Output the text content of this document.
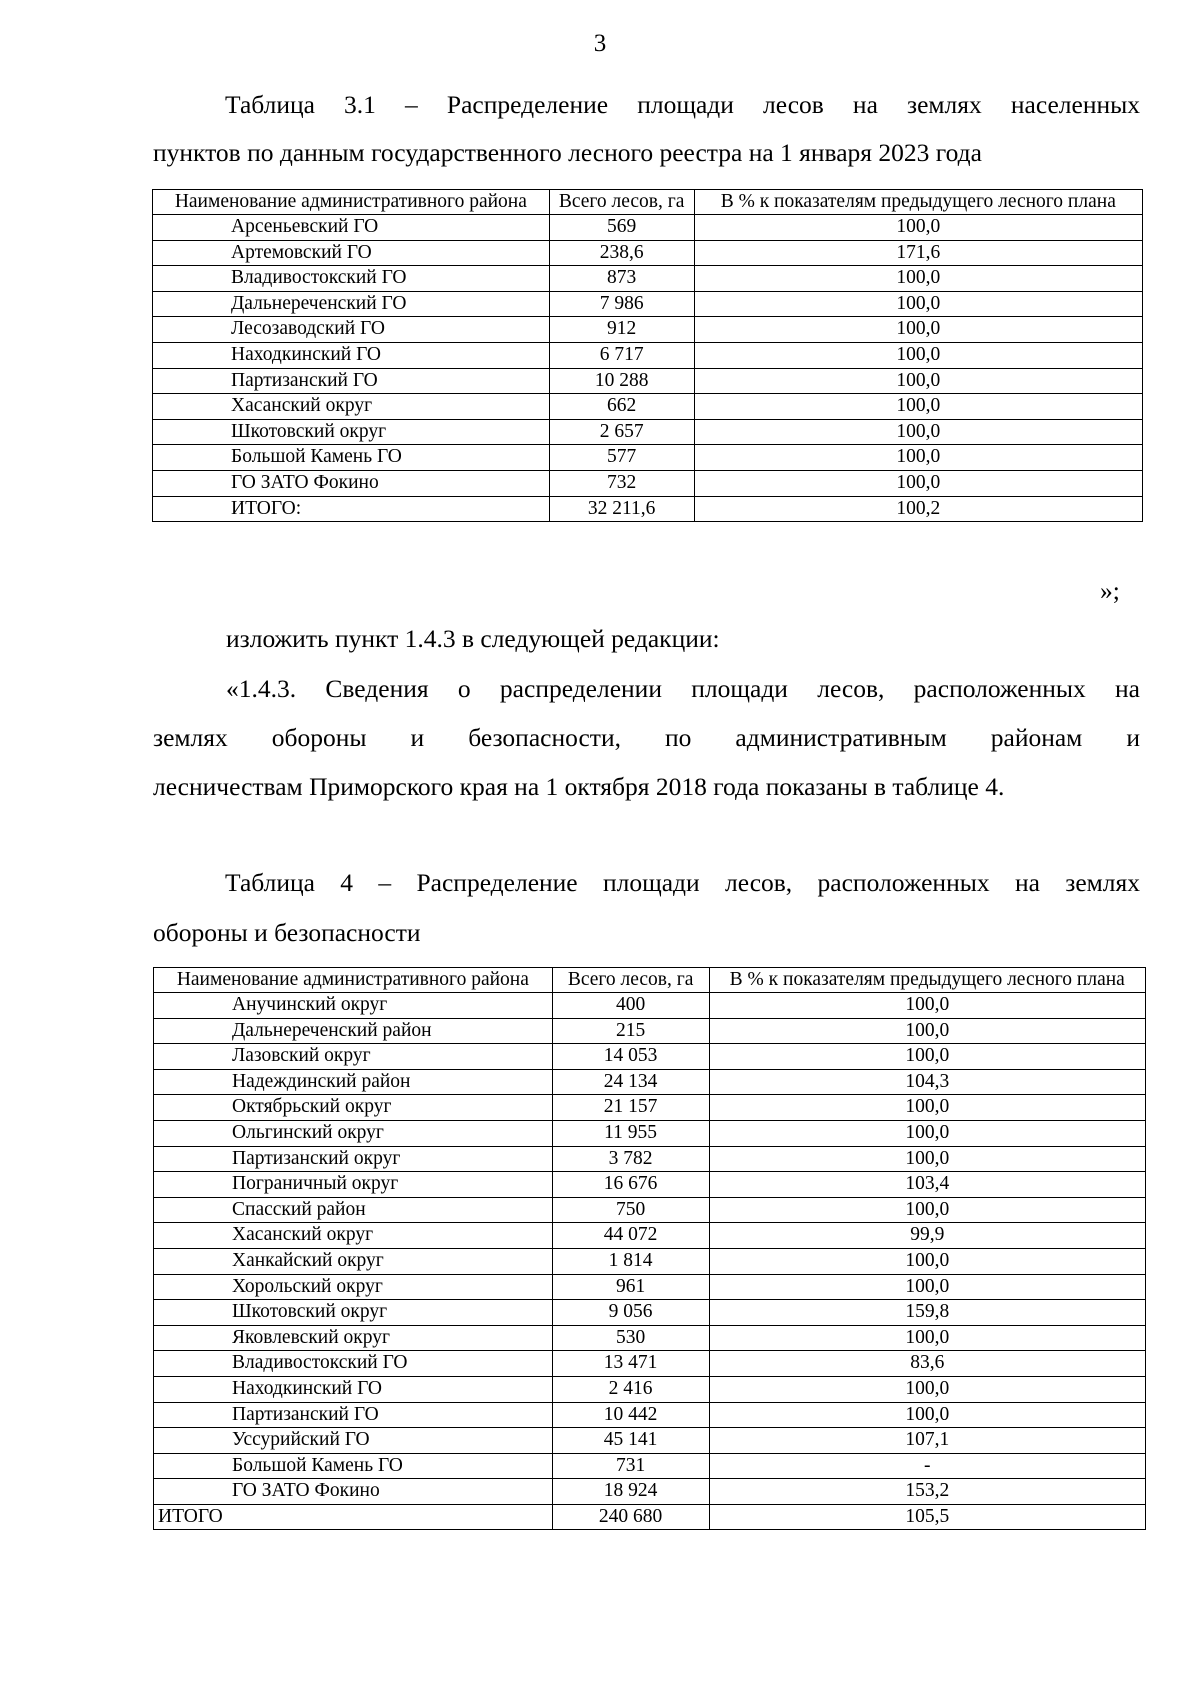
3
Таблица 3.1 – Распределение площади лесов на землях населенных
пунктов по данным государственного лесного реестра на 1 января 2023 года
Наименование административного района	Всего лесов, га	В % к показателям предыдущего лесного плана
Арсеньевский ГО	569	100,0
Артемовский ГО	238,6	171,6
Владивостокский ГО	873	100,0
Дальнереченский ГО	7 986	100,0
Лесозаводский ГО	912	100,0
Находкинский ГО	6 717	100,0
Партизанский ГО	10 288	100,0
Хасанский округ	662	100,0
Шкотовский округ	2 657	100,0
Большой Камень ГО	577	100,0
ГО ЗАТО Фокино	732	100,0
ИТОГО:	32 211,6	100,2
»;
изложить пункт 1.4.3 в следующей редакции:
«1.4.3. Сведения о распределении площади лесов, расположенных на
землях обороны и безопасности, по административным районам и
лесничествам Приморского края на 1 октября 2018 года показаны в таблице 4.
Таблица 4 – Распределение площади лесов, расположенных на землях
обороны и безопасности
Наименование административного района	Всего лесов, га	В % к показателям предыдущего лесного плана
Анучинский округ	400	100,0
Дальнереченский район	215	100,0
Лазовский округ	14 053	100,0
Надеждинский район	24 134	104,3
Октябрьский округ	21 157	100,0
Ольгинский округ	11 955	100,0
Партизанский округ	3 782	100,0
Пограничный округ	16 676	103,4
Спасский район	750	100,0
Хасанский округ	44 072	99,9
Ханкайский округ	1 814	100,0
Хорольский округ	961	100,0
Шкотовский округ	9 056	159,8
Яковлевский округ	530	100,0
Владивостокский ГО	13 471	83,6
Находкинский ГО	2 416	100,0
Партизанский ГО	10 442	100,0
Уссурийский ГО	45 141	107,1
Большой Камень ГО	731	-
ГО ЗАТО Фокино	18 924	153,2
ИТОГО	240 680	105,5
